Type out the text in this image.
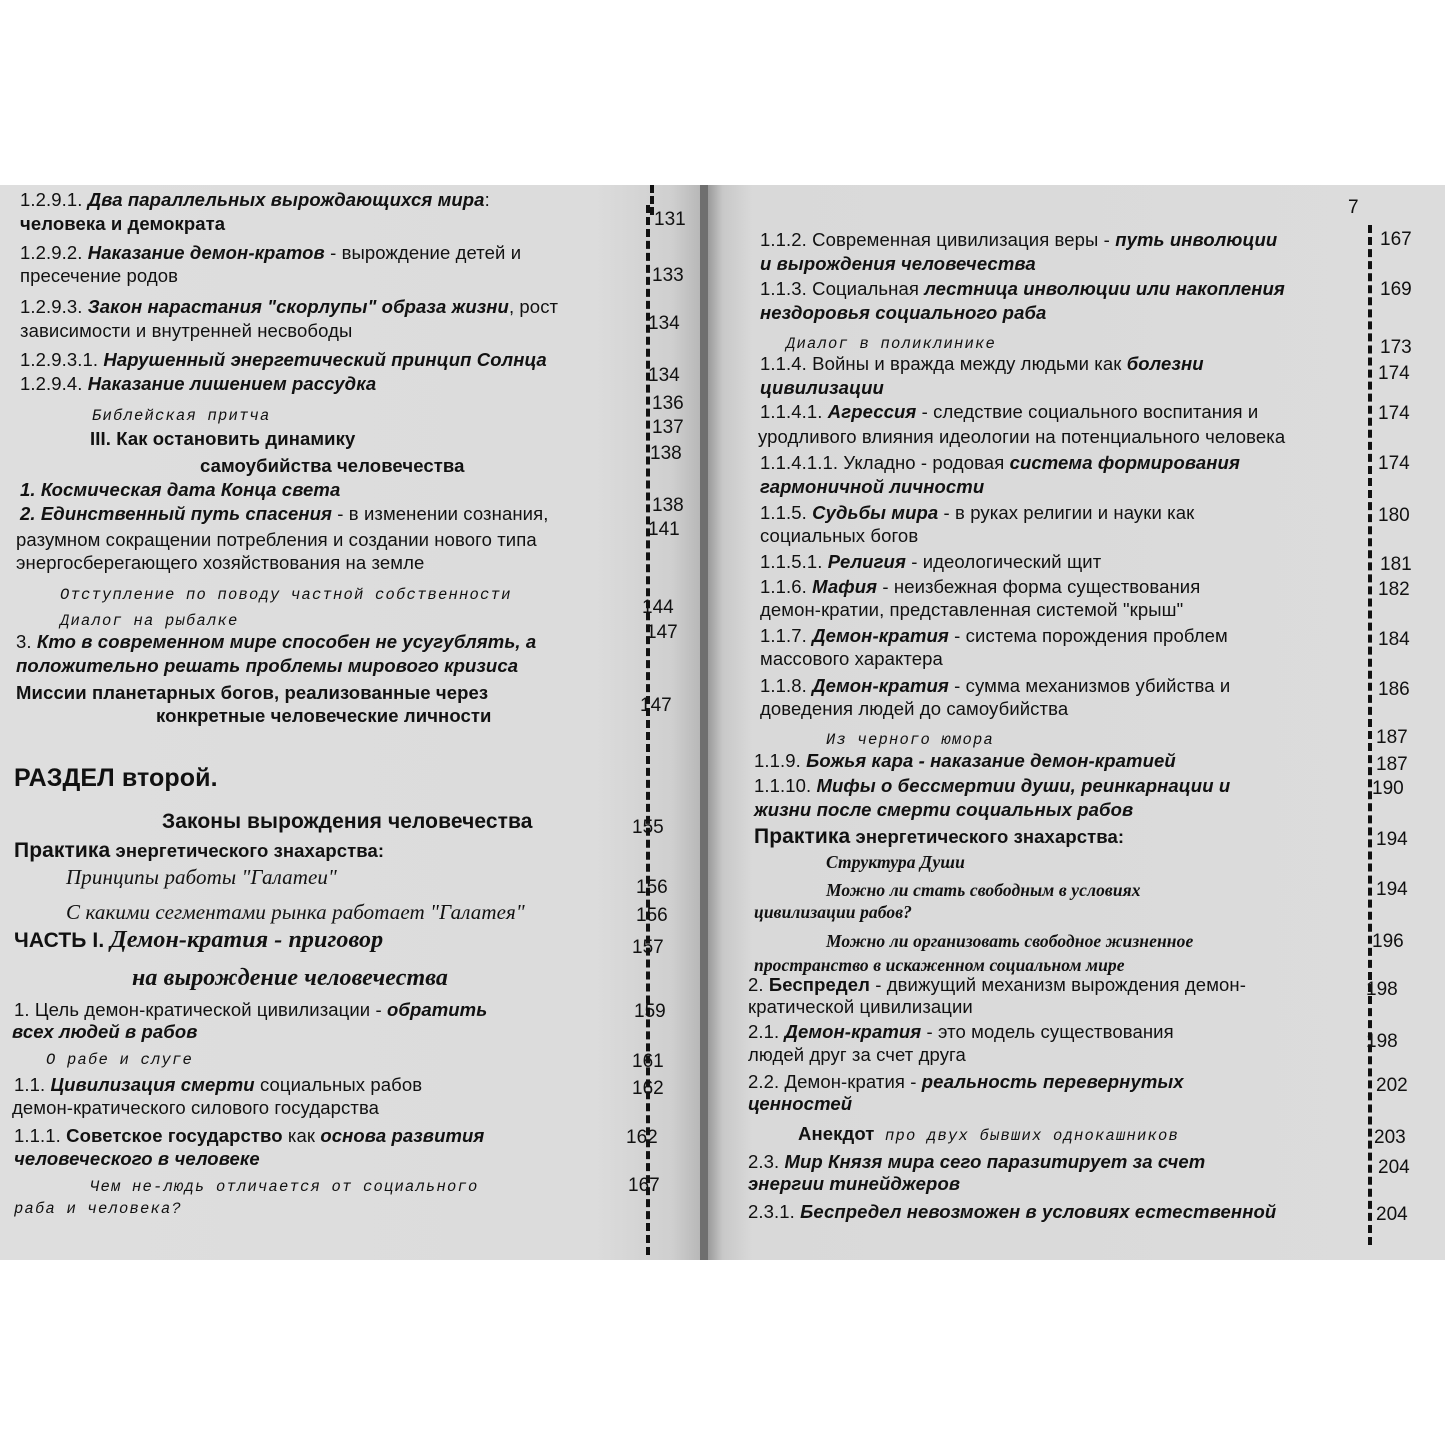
1.2.9.1. Два параллельных вырождающихся мира:

человека и демократа

1.2.9.2. Наказание демон-кратов - вырождение детей и

пресечение родов

1.2.9.3. Закон нарастания "скорлупы" образа жизни, рост

зависимости и внутренней несвободы

1.2.9.3.1. Нарушенный энергетический принцип Солнца

1.2.9.4. Наказание лишением рассудка

Библейская притча

III. Как остановить динамику

самоубийства человечества

1. Космическая дата Конца света

2. Единственный путь спасения - в изменении сознания,

разумном сокращении потребления и создании нового типа

энергосберегающего хозяйствования на земле

Отступление по поводу частной собственности

Диалог на рыбалке

3. Кто в современном мире способен не усугублять, а

положительно решать проблемы мирового кризиса

Миссии планетарных богов, реализованные через

конкретные человеческие личности

РАЗДЕЛ второй.

Законы вырождения человечества

Практика энергетического знахарства:

Принципы работы "Галатеи"

С какими сегментами рынка работает "Галатея"

ЧАСТЬ I. Демон-кратия - приговор

на вырождение человечества

1. Цель демон-кратической цивилизации - обратить

всех людей в рабов

О рабе и слуге

1.1. Цивилизация смерти социальных рабов

демон-кратического силового государства

1.1.1. Советское государство как основа развития

человеческого в человеке

Чем не-людь отличается от социального

раба и человека?

131
133
134
134
136
137
138
138
141
144
147
147
155
156
156
157
159
161
162
162
167
7

1.1.2. Современная цивилизация веры - путь инволюции

и вырождения человечества

1.1.3. Социальная лестница инволюции или накопления

нездоровья социального раба

Диалог в поликлинике

1.1.4. Войны и вражда между людьми как болезни

цивилизации

1.1.4.1. Агрессия - следствие социального воспитания и

уродливого влияния идеологии на потенциального человека

1.1.4.1.1. Укладно - родовая система формирования

гармоничной личности

1.1.5. Судьбы мира - в руках религии и науки как

социальных богов

1.1.5.1. Религия - идеологический щит

1.1.6. Мафия - неизбежная форма существования

демон-кратии, представленная системой "крыш"

1.1.7. Демон-кратия - система порождения проблем

массового характера

1.1.8. Демон-кратия - сумма механизмов убийства и

доведения людей до самоубийства

Из черного юмора

1.1.9. Божья кара - наказание демон-кратией

1.1.10. Мифы о бессмертии души, реинкарнации и

жизни после смерти социальных рабов

Практика энергетического знахарства:

Структура Души

Можно ли стать свободным в условиях

цивилизации рабов?

Можно ли организовать свободное жизненное

пространство в искаженном социальном мире

2. Беспредел - движущий механизм вырождения демон-

кратической цивилизации

2.1. Демон-кратия - это модель существования

людей друг за счет друга

2.2. Демон-кратия - реальность перевернутых

ценностей

Анекдот про двух бывших однокашников

2.3. Мир Князя мира сего паразитирует за счет

энергии тинейджеров

2.3.1. Беспредел невозможен в условиях естественной

167
169
173
174
174
174
180
181
182
184
186
187
187
190
194
194
196
198
198
202
203
204
204
